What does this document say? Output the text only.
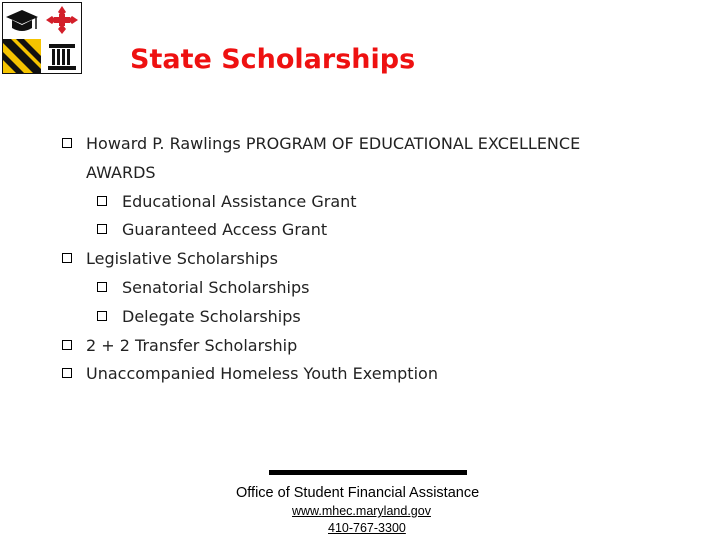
State Scholarships
Howard P. Rawlings PROGRAM OF EDUCATIONAL EXCELLENCE
AWARDS
Educational Assistance Grant
Guaranteed Access Grant
Legislative Scholarships
Senatorial Scholarships
Delegate Scholarships
2 + 2 Transfer Scholarship
Unaccompanied Homeless Youth Exemption
Office of Student Financial Assistance
www.mhec.maryland.gov
410-767-3300
